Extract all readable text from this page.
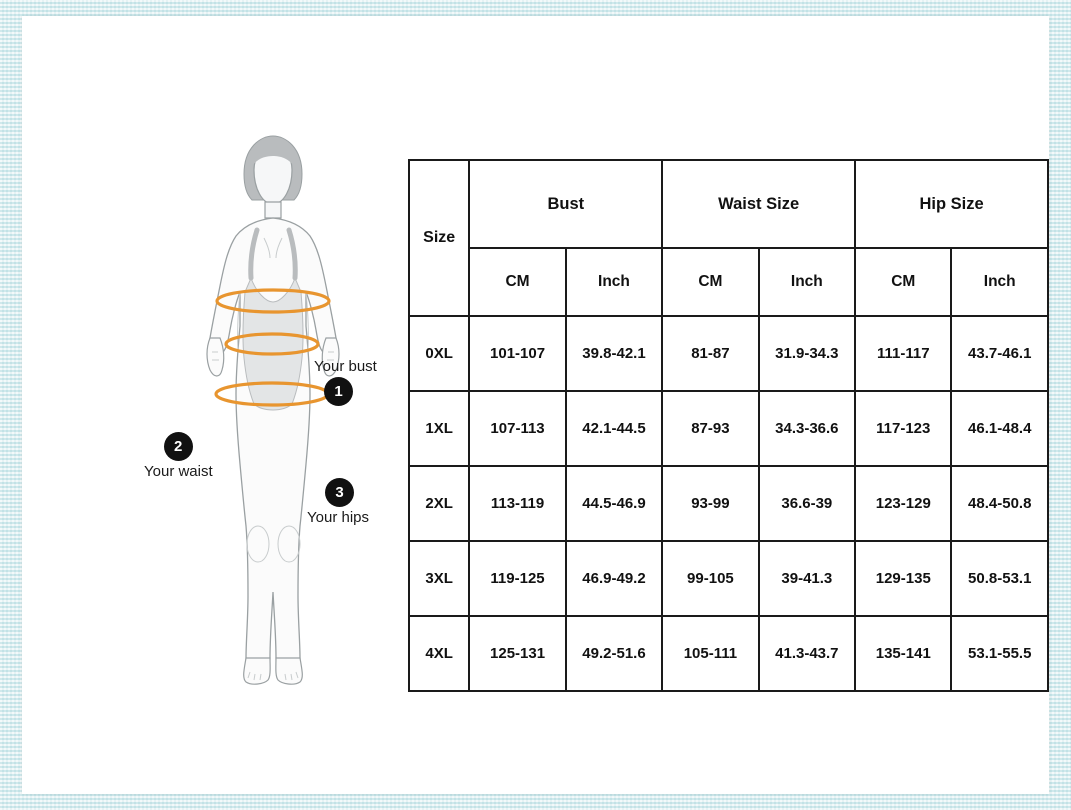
Your bust
1
2
Your waist
3
Your hips
Size	Bust		Waist Size		Hip Size	
	CM	Inch	CM	Inch	CM	Inch
0XL	101-107	39.8-42.1	81-87	31.9-34.3	111-117	43.7-46.1
1XL	107-113	42.1-44.5	87-93	34.3-36.6	117-123	46.1-48.4
2XL	113-119	44.5-46.9	93-99	36.6-39	123-129	48.4-50.8
3XL	119-125	46.9-49.2	99-105	39-41.3	129-135	50.8-53.1
4XL	125-131	49.2-51.6	105-111	41.3-43.7	135-141	53.1-55.5
